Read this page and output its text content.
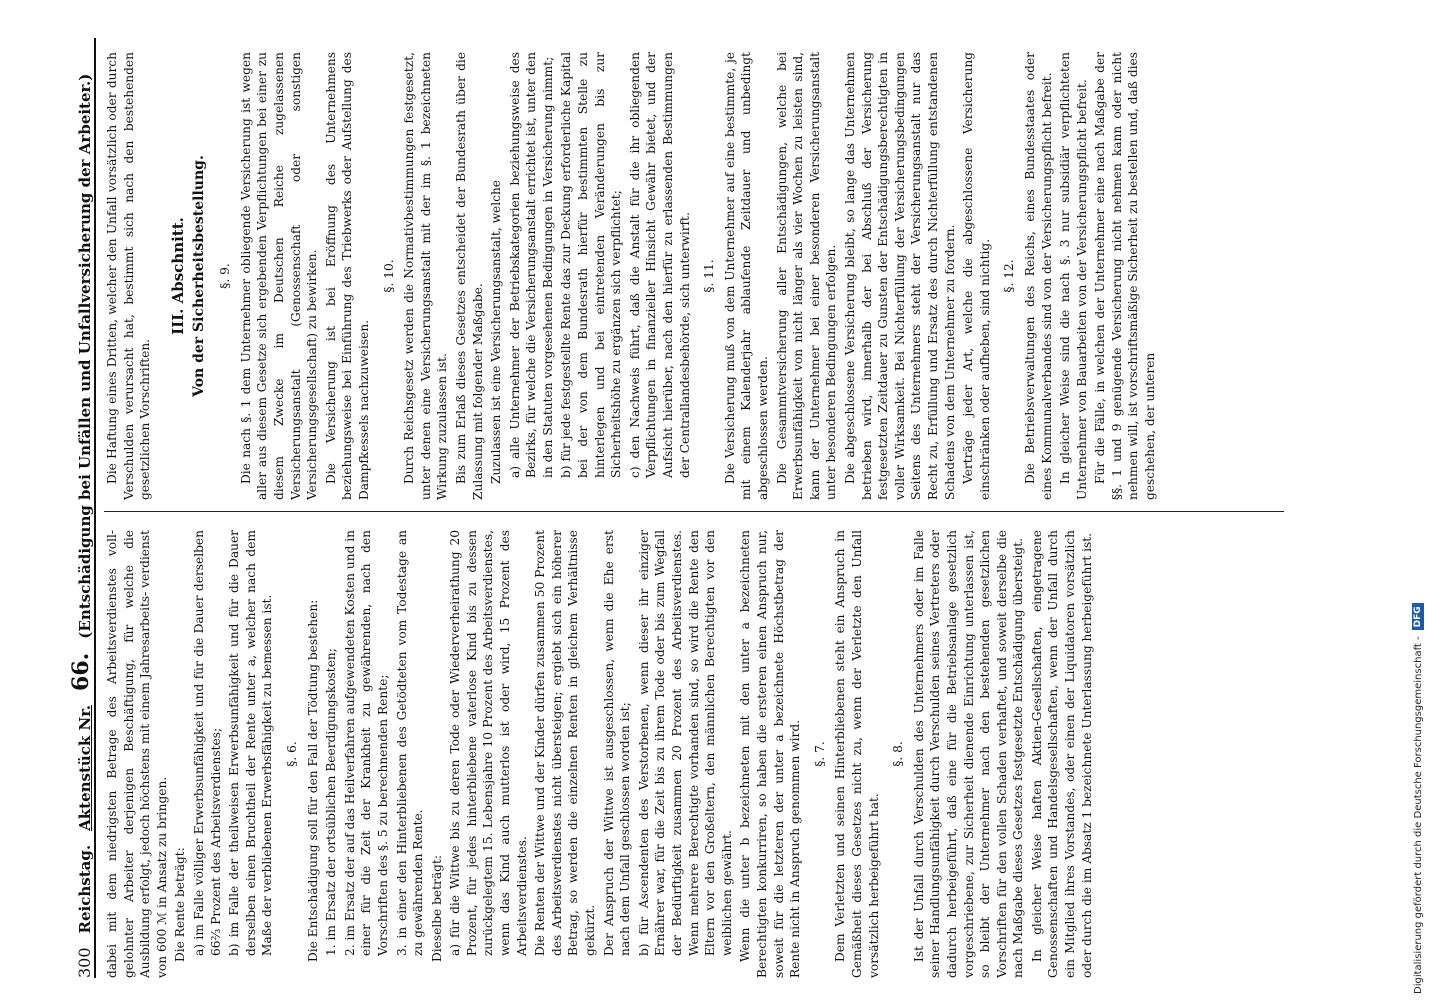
300
Reichstag.
Aktenstück Nr.
66.
(Entschädigung bei Unfällen und Unfallversicherung der Arbeiter.)

dabei mit dem niedrigsten Betrage des Arbeitsverdienstes voll- gelohnter Arbeiter derjenigen Beschäftigung, für welche die Ausbildung erfolgt, jedoch höchstens mit einem Jahresarbeits- verdienst von 600 ℳ in Ansatz zu bringen. Die Rente beträgt: a) im Falle völliger Erwerbsunfähigkeit und für die Dauer derselben 66⅔ Prozent des Arbeitsverdienstes; b) im Falle der theilweisen Erwerbsunfähigkeit und für die Dauer derselben einen Bruchtheil der Rente unter a, welcher nach dem Maße der verbliebenen Erwerbsfähigkeit zu bemessen ist. §. 6. Die Entschädigung soll für den Fall der Tödtung bestehen: 1. im Ersatz der ortsüblichen Beerdigungskosten; 2. im Ersatz der auf das Heilverfahren aufgewendeten Kosten und in einer für die Zeit der Krankheit zu gewährenden, nach den Vorschriften des §. 5 zu berechnenden Rente; 3. in einer den Hinterbliebenen des Getödteten vom Todestage an zu gewährenden Rente. Dieselbe beträgt: a) für die Wittwe bis zu deren Tode oder Wiederverheirathung 20 Prozent, für jedes hinterbliebene vaterlose Kind bis zu dessen zurückgelegtem 15. Lebensjahre 10 Prozent des Arbeitsverdienstes, wenn das Kind auch mutterlos ist oder wird, 15 Prozent des Arbeitsverdienstes. Die Renten der Wittwe und der Kinder dürfen zusammen 50 Prozent des Arbeitsverdienstes nicht übersteigen; ergiebt sich ein höherer Betrag, so werden die einzelnen Renten in gleichem Verhältnisse gekürzt. Der Anspruch der Wittwe ist ausgeschlossen, wenn die Ehe erst nach dem Unfall geschlossen worden ist; b) für Ascendenten des Verstorbenen, wenn dieser ihr einziger Ernährer war, für die Zeit bis zu ihrem Tode oder bis zum Wegfall der Bedürftigkeit zusammen 20 Prozent des Arbeitsverdienstes. Wenn mehrere Berechtigte vorhanden sind, so wird die Rente den Eltern vor den Großeltern, den männlichen Berechtigten vor den weiblichen gewährt. Wenn die unter b bezeichneten mit den unter a bezeichneten Berechtigten konkurriren, so haben die ersteren einen Anspruch nur, soweit für die letzteren der unter a bezeichnete Höchstbetrag der Rente nicht in Anspruch genommen wird. §. 7. Dem Verletzten und seinen Hinterbliebenen steht ein Anspruch in Gemäßheit dieses Gesetzes nicht zu, wenn der Verletzte den Unfall vorsätzlich herbeigeführt hat.

§. 8. Ist der Unfall durch Verschulden des Unternehmers oder im Falle seiner Handlungsunfähigkeit durch Verschulden seines Vertreters oder dadurch herbeigeführt, daß eine für die Betriebsanlage gesetzlich vorgeschriebene, zur Sicherheit dienende Einrichtung unterlassen ist, so bleibt der Unternehmer nach den bestehenden gesetzlichen Vorschriften für den vollen Schaden verhaftet, und soweit derselbe die nach Maßgabe dieses Gesetzes festgesetzte Entschädigung übersteigt. In gleicher Weise haften Aktien-Gesellschaften, eingetragene Genossenschaften und Handelsgesellschaften, wenn der Unfall durch ein Mitglied ihres Vorstandes, oder einen der Liquidatoren vorsätzlich oder durch die im Absatz 1 bezeichnete Unterlassung herbeigeführt ist.

Die Haftung eines Dritten, welcher den Unfall vorsätzlich oder durch Verschulden verursacht hat, bestimmt sich nach den bestehenden gesetzlichen Vorschriften.

III. Abschnitt. Von der Sicherheitsbestellung. §. 9. Die nach §. 1 dem Unternehmer obliegende Versicherung ist wegen aller aus diesem Gesetze sich ergebenden Verpflichtungen bei einer zu diesem Zwecke im Deutschen Reiche zugelassenen Versicherungsanstalt (Genossenschaft oder sonstigen Versicherungsgesellschaft) zu bewirken. Die Versicherung ist bei Eröffnung des Unternehmens beziehungsweise bei Einführung des Triebwerks oder Aufstellung des Dampfkessels nachzuweisen.

§. 10. Durch Reichsgesetz werden die Normativbestimmungen festgesetzt, unter denen eine Versicherungsanstalt mit der im §. 1 bezeichneten Wirkung zuzulassen ist. Bis zum Erlaß dieses Gesetzes entscheidet der Bundesrath über die Zulassung mit folgender Maßgabe. Zuzulassen ist eine Versicherungsanstalt, welche a) alle Unternehmer der Betriebskategorien beziehungsweise des Bezirks, für welche die Versicherungsanstalt errichtet ist, unter den in den Statuten vorgesehenen Bedingungen in Versicherung nimmt; b) für jede festgestellte Rente das zur Deckung erforderliche Kapital bei der von dem Bundesrath hierfür bestimmten Stelle zu hinterlegen und bei eintretenden Veränderungen bis zur Sicherheitshöhe zu ergänzen sich verpflichtet; c) den Nachweis führt, daß die Anstalt für die ihr obliegenden Verpflichtungen in finanzieller Hinsicht Gewähr bietet, und der Aufsicht hierüber, nach den hierfür zu erlassenden Bestimmungen der Centrallandesbehörde, sich unterwirft. §. 11. Die Versicherung muß von dem Unternehmer auf eine bestimmte, je mit einem Kalenderjahr ablaufende Zeitdauer und unbedingt abgeschlossen werden. Die Gesammtversicherung aller Entschädigungen, welche bei Erwerbsunfähigkeit von nicht länger als vier Wochen zu leisten sind, kann der Unternehmer bei einer besonderen Versicherungsanstalt unter besonderen Bedingungen erfolgen. Die abgeschlossene Versicherung bleibt, so lange das Unternehmen betrieben wird, innerhalb der bei Abschluß der Versicherung festgesetzten Zeitdauer zu Gunsten der Entschädigungsberechtigten in voller Wirksamkeit. Bei Nichterfüllung der Versicherungsbedingungen Seitens des Unternehmers steht der Versicherungsanstalt nur das Recht zu, Erfüllung und Ersatz des durch Nichterfüllung entstandenen Schadens von dem Unternehmer zu fordern. Verträge jeder Art, welche die abgeschlossene Versicherung einschränken oder aufheben, sind nichtig. §. 12. Die Betriebsverwaltungen des Reichs, eines Bundesstaates oder eines Kommunalverbandes sind von der Versicherungspflicht befreit. In gleicher Weise sind die nach §. 3 nur subsidiär verpflichteten Unternehmer von Bauarbeiten von der Versicherungspflicht befreit. Für die Fälle, in welchen der Unternehmer eine nach Maßgabe der §§. 1 und 9 genügende Versicherung nicht nehmen kann oder nicht nehmen will, ist vorschriftsmäßige Sicherheit zu bestellen und, daß dies geschehen, der unteren

Digitalisierung gefördert durch die Deutsche Forschungsgemeinschaft -
DFG
